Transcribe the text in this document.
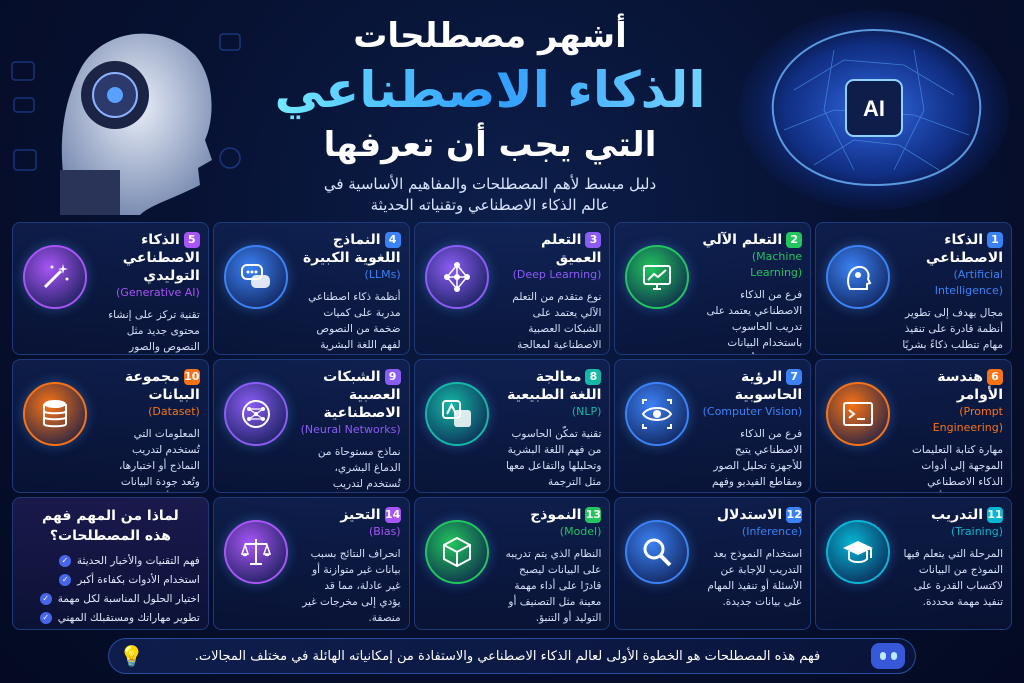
AI
أشهر مصطلحات
الذكاء الاصطناعي
التي يجب أن تعرفها
دليل مبسط لأهم المصطلحات والمفاهيم الأساسية في
عالم الذكاء الاصطناعي وتقنياته الحديثة
1الذكاء الاصطناعي
(Artificial Intelligence)
مجال يهدف إلى تطوير أنظمة قادرة على تنفيذ مهام تتطلب ذكاءً بشريًا
2التعلم الآلي
(Machine Learning)
فرع من الذكاء الاصطناعي يعتمد على تدريب الحاسوب باستخدام البيانات
3التعلم العميق
(Deep Learning)
نوع متقدم من التعلم الآلي يعتمد على الشبكات العصبية الاصطناعية لمعالجة
4النماذج اللغوية الكبيرة
(LLMs)
أنظمة ذكاء اصطناعي مدربة على كميات ضخمة من النصوص لفهم اللغة البشرية
5الذكاء الاصطناعي التوليدي
(Generative AI)
تقنية تركز على إنشاء محتوى جديد مثل النصوص والصور
6هندسة الأوامر
(Prompt Engineering)
مهارة كتابة التعليمات الموجهة إلى أدوات الذكاء الاصطناعي
7الرؤية الحاسوبية
(Computer Vision)
فرع من الذكاء الاصطناعي يتيح للأجهزة تحليل الصور ومقاطع الفيديو وفهم
8معالجة اللغة الطبيعية
(NLP)
تقنية تمكّن الحاسوب من فهم اللغة البشرية وتحليلها والتفاعل معها مثل الترجمة
9الشبكات العصبية الاصطناعية
(Neural Networks)
نماذج مستوحاة من الدماغ البشري، تُستخدم لتدريب
10مجموعة البيانات
(Dataset)
المعلومات التي تُستخدم لتدريب النماذج أو اختبارها، وتُعد جودة البيانات
11التدريب
(Training)
المرحلة التي يتعلم فيها النموذج من البيانات لاكتساب القدرة على تنفيذ مهمة محددة.
12الاستدلال
(Inference)
استخدام النموذج بعد التدريب للإجابة عن الأسئلة أو تنفيذ المهام على بيانات جديدة.
13النموذج
(Model)
النظام الذي يتم تدريبه على البيانات ليصبح قادرًا على أداء مهمة معينة مثل التصنيف أو التوليد أو التنبؤ.
14التحيز
(Bias)
انحراف النتائج بسبب بيانات غير متوازنة أو غير عادلة، مما قد يؤدي إلى مخرجات غير منصفة.
لماذا من المهم فهم
هذه المصطلحات؟
فهم التقنيات والأخبار الحديثة
✓
استخدام الأدوات بكفاءة أكبر
✓
اختيار الحلول المناسبة لكل مهمة
✓
تطوير مهاراتك ومستقبلك المهني
✓
فهم هذه المصطلحات هو الخطوة الأولى لعالم الذكاء الاصطناعي والاستفادة من إمكانياته الهائلة في مختلف المجالات.
💡
